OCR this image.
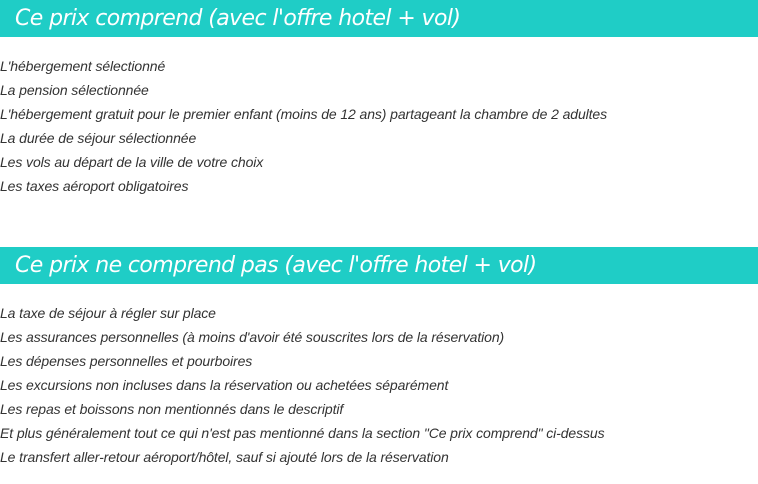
Ce prix comprend (avec l'offre hotel + vol)
L'hébergement sélectionné
La pension sélectionnée
L'hébergement gratuit pour le premier enfant (moins de 12 ans) partageant la chambre de 2 adultes
La durée de séjour sélectionnée
Les vols au départ de la ville de votre choix
Les taxes aéroport obligatoires
Ce prix ne comprend pas (avec l'offre hotel + vol)
La taxe de séjour à régler sur place
Les assurances personnelles (à moins d'avoir été souscrites lors de la réservation)
Les dépenses personnelles et pourboires
Les excursions non incluses dans la réservation ou achetées séparément
Les repas et boissons non mentionnés dans le descriptif
Et plus généralement tout ce qui n'est pas mentionné dans la section "Ce prix comprend" ci-dessus
Le transfert aller-retour aéroport/hôtel, sauf si ajouté lors de la réservation
